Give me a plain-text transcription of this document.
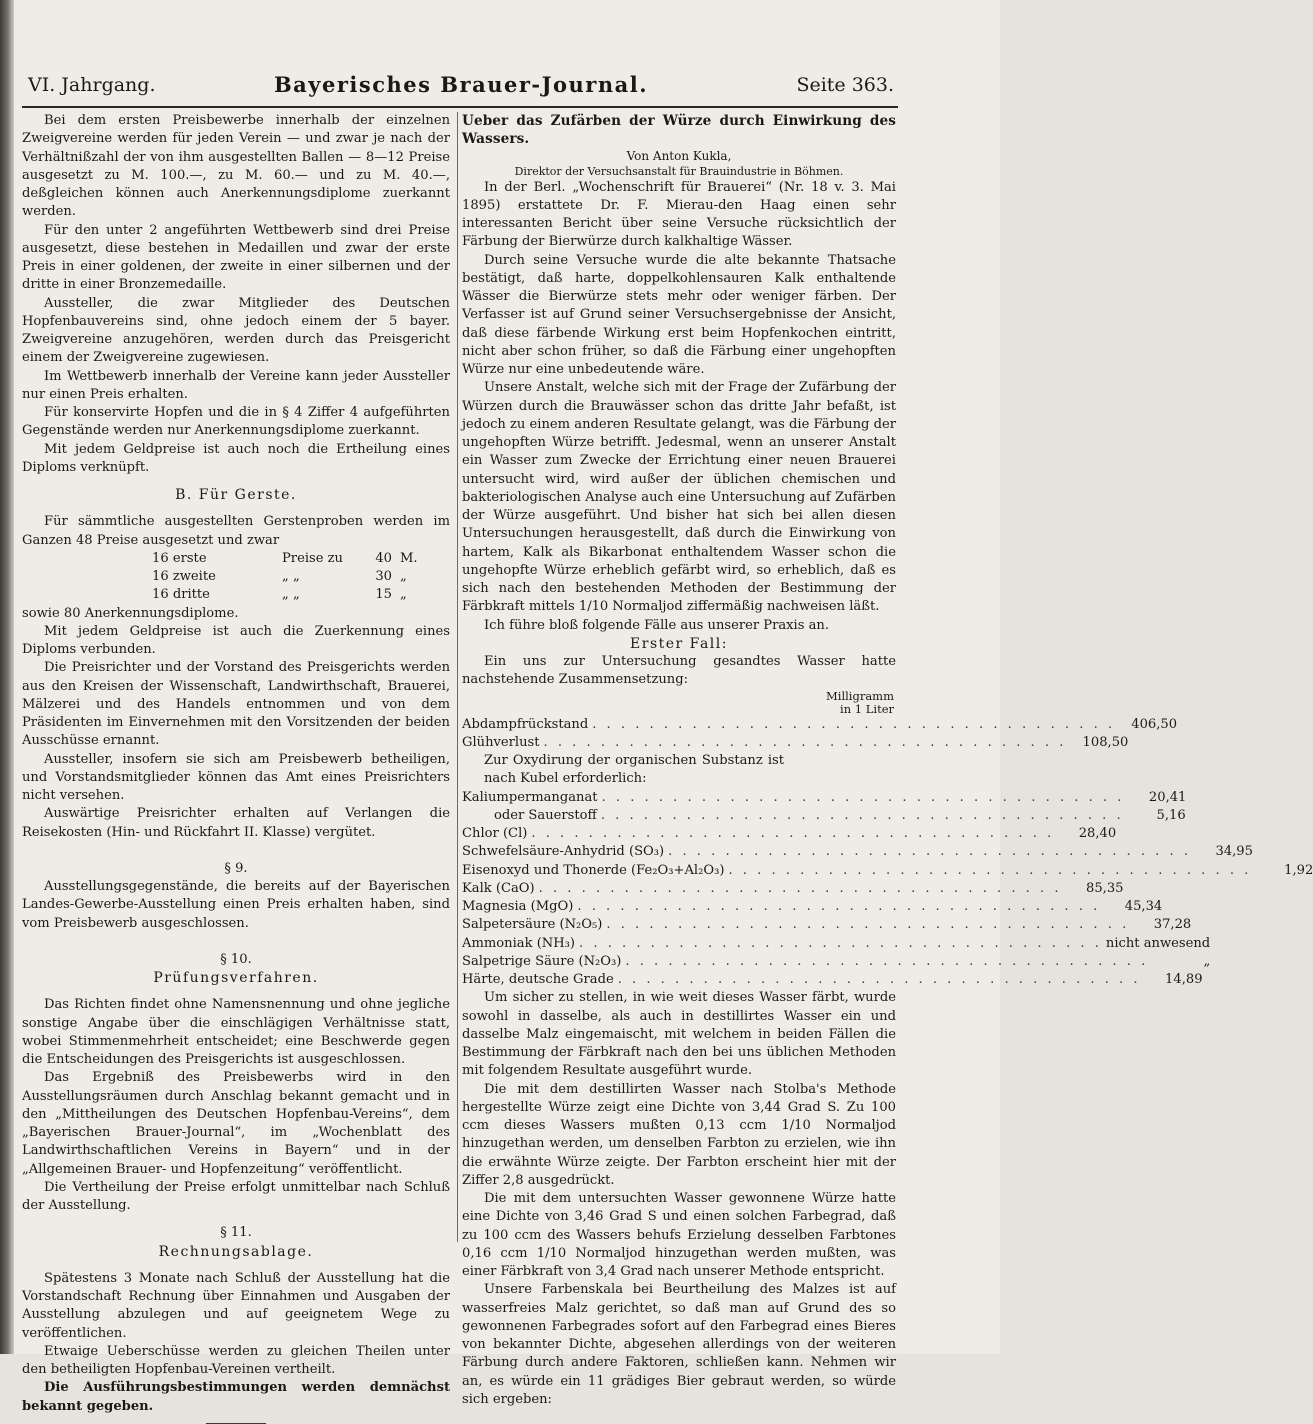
VI. Jahrgang.	Bayerisches Brauer-Journal.	Seite 363.

Bei dem ersten Preisbewerbe innerhalb der einzelnen Zweigvereine werden für jeden Verein — und zwar je nach der Verhältnißzahl der von ihm ausgestellten Ballen — 8—12 Preise ausgesetzt zu M. 100.—, zu M. 60.— und zu M. 40.—, deßgleichen können auch Anerkennungsdiplome zuerkannt werden.

Für den unter 2 angeführten Wettbewerb sind drei Preise ausgesetzt, diese bestehen in Medaillen und zwar der erste Preis in einer goldenen, der zweite in einer silbernen und der dritte in einer Bronzemedaille.

Aussteller, die zwar Mitglieder des Deutschen Hopfenbauvereins sind, ohne jedoch einem der 5 bayer. Zweigvereine anzugehören, werden durch das Preisgericht einem der Zweigvereine zugewiesen.

Im Wettbewerb innerhalb der Vereine kann jeder Aussteller nur einen Preis erhalten.

Für konservirte Hopfen und die in § 4 Ziffer 4 aufgeführten Gegenstände werden nur Anerkennungsdiplome zuerkannt.

Mit jedem Geldpreise ist auch noch die Ertheilung eines Diploms verknüpft.

B. Für Gerste.

Für sämmtliche ausgestellten Gerstenproben werden im Ganzen 48 Preise ausgesetzt und zwar

16 erste	Preise zu	40 M.
16 zweite	„ „	30 „
16 dritte	„ „	15 „

sowie 80 Anerkennungsdiplome.

Mit jedem Geldpreise ist auch die Zuerkennung eines Diploms verbunden.

Die Preisrichter und der Vorstand des Preisgerichts werden aus den Kreisen der Wissenschaft, Landwirthschaft, Brauerei, Mälzerei und des Handels entnommen und von dem Präsidenten im Einvernehmen mit den Vorsitzenden der beiden Ausschüsse ernannt.

Aussteller, insofern sie sich am Preisbewerb betheiligen, und Vorstandsmitglieder können das Amt eines Preisrichters nicht versehen.

Auswärtige Preisrichter erhalten auf Verlangen die Reisekosten (Hin- und Rückfahrt II. Klasse) vergütet.

§ 9.

Ausstellungsgegenstände, die bereits auf der Bayerischen Landes-Gewerbe-Ausstellung einen Preis erhalten haben, sind vom Preisbewerb ausgeschlossen.

§ 10.

Prüfungsverfahren.

Das Richten findet ohne Namensnennung und ohne jegliche sonstige Angabe über die einschlägigen Verhältnisse statt, wobei Stimmenmehrheit entscheidet; eine Beschwerde gegen die Entscheidungen des Preisgerichts ist ausgeschlossen.

Das Ergebniß des Preisbewerbs wird in den Ausstellungsräumen durch Anschlag bekannt gemacht und in den „Mittheilungen des Deutschen Hopfenbau-Vereins“, dem „Bayerischen Brauer-Journal“, im „Wochenblatt des Landwirthschaftlichen Vereins in Bayern“ und in der „Allgemeinen Brauer- und Hopfenzeitung“ veröffentlicht.

Die Vertheilung der Preise erfolgt unmittelbar nach Schluß der Ausstellung.

§ 11.

Rechnungsablage.

Spätestens 3 Monate nach Schluß der Ausstellung hat die Vorstandschaft Rechnung über Einnahmen und Ausgaben der Ausstellung abzulegen und auf geeignetem Wege zu veröffentlichen.

Etwaige Ueberschüsse werden zu gleichen Theilen unter den betheiligten Hopfenbau-Vereinen vertheilt.

Die Ausführungsbestimmungen werden demnächst bekannt gegeben.

Ueber das Zufärben der Würze durch Einwirkung des Wassers.

Von Anton Kukla,

Direktor der Versuchsanstalt für Brauindustrie in Böhmen.

In der Berl. „Wochenschrift für Brauerei“ (Nr. 18 v. 3. Mai 1895) erstattete Dr. F. Mierau-den Haag einen sehr interessanten Bericht über seine Versuche rücksichtlich der Färbung der Bierwürze durch kalkhaltige Wässer.

Durch seine Versuche wurde die alte bekannte Thatsache bestätigt, daß harte, doppelkohlensauren Kalk enthaltende Wässer die Bierwürze stets mehr oder weniger färben. Der Verfasser ist auf Grund seiner Versuchsergebnisse der Ansicht, daß diese färbende Wirkung erst beim Hopfenkochen eintritt, nicht aber schon früher, so daß die Färbung einer ungehopften Würze nur eine unbedeutende wäre.

Unsere Anstalt, welche sich mit der Frage der Zufärbung der Würzen durch die Brauwässer schon das dritte Jahr befaßt, ist jedoch zu einem anderen Resultate gelangt, was die Färbung der ungehopften Würze betrifft. Jedesmal, wenn an unserer Anstalt ein Wasser zum Zwecke der Errichtung einer neuen Brauerei untersucht wird, wird außer der üblichen chemischen und bakteriologischen Analyse auch eine Untersuchung auf Zufärben der Würze ausgeführt. Und bisher hat sich bei allen diesen Untersuchungen herausgestellt, daß durch die Einwirkung von hartem, Kalk als Bikarbonat enthaltendem Wasser schon die ungehopfte Würze erheblich gefärbt wird, so erheblich, daß es sich nach den bestehenden Methoden der Bestimmung der Färbkraft mittels 1/10 Normaljod ziffermäßig nachweisen läßt.

Ich führe bloß folgende Fälle aus unserer Praxis an.

Erster Fall:

Ein uns zur Untersuchung gesandtes Wasser hatte nachstehende Zusammensetzung:

Milligramm
in 1 Liter
Abdampfrückstand . . . . . . . . . . . . . . . . . . . . . . . . . . . . . . . . . . . . .	406,50
Glühverlust . . . . . . . . . . . . . . . . . . . . . . . . . . . . . . . . . . . . .	108,50

Zur Oxydirung der organischen Substanz ist nach Kubel erforderlich:

Kaliumpermanganat . . . . . . . . . . . . . . . . . . . . . . . . . . . . . . . . . . . . .	20,41
oder Sauerstoff . . . . . . . . . . . . . . . . . . . . . . . . . . . . . . . . . . . . .	5,16
Chlor (Cl) . . . . . . . . . . . . . . . . . . . . . . . . . . . . . . . . . . . . .	28,40
Schwefelsäure-Anhydrid (SO₃) . . . . . . . . . . . . . . . . . . . . . . . . . . . . . . . . . . . . .	34,95
Eisenoxyd und Thonerde (Fe₂O₃+Al₂O₃) . . . . . . . . . . . . . . . . . . . . . . . . . . . . . . . . . . . . .	1,92
Kalk (CaO) . . . . . . . . . . . . . . . . . . . . . . . . . . . . . . . . . . . . .	85,35
Magnesia (MgO) . . . . . . . . . . . . . . . . . . . . . . . . . . . . . . . . . . . . .	45,34
Salpetersäure (N₂O₅) . . . . . . . . . . . . . . . . . . . . . . . . . . . . . . . . . . . . .	37,28
Ammoniak (NH₃) . . . . . . . . . . . . . . . . . . . . . . . . . . . . . . . . . . . . . nicht anwesend
Salpetrige Säure (N₂O₃) . . . . . . . . . . . . . . . . . . . . . . . . . . . . . . . . . . . . .	„
Härte, deutsche Grade . . . . . . . . . . . . . . . . . . . . . . . . . . . . . . . . . . . . .	14,89

Um sicher zu stellen, in wie weit dieses Wasser färbt, wurde sowohl in dasselbe, als auch in destillirtes Wasser ein und dasselbe Malz eingemaischt, mit welchem in beiden Fällen die Bestimmung der Färbkraft nach den bei uns üblichen Methoden mit folgendem Resultate ausgeführt wurde.

Die mit dem destillirten Wasser nach Stolba's Methode hergestellte Würze zeigt eine Dichte von 3,44 Grad S. Zu 100 ccm dieses Wassers mußten 0,13 ccm 1/10 Normaljod hinzugethan werden, um denselben Farbton zu erzielen, wie ihn die erwähnte Würze zeigte. Der Farbton erscheint hier mit der Ziffer 2,8 ausgedrückt.

Die mit dem untersuchten Wasser gewonnene Würze hatte eine Dichte von 3,46 Grad S und einen solchen Farbegrad, daß zu 100 ccm des Wassers behufs Erzielung desselben Farbtones 0,16 ccm 1/10 Normaljod hinzugethan werden mußten, was einer Färbkraft von 3,4 Grad nach unserer Methode entspricht.

Unsere Farbenskala bei Beurtheilung des Malzes ist auf wasserfreies Malz gerichtet, so daß man auf Grund des so gewonnenen Farbegrades sofort auf den Farbegrad eines Bieres von bekannter Dichte, abgesehen allerdings von der weiteren Färbung durch andere Faktoren, schließen kann. Nehmen wir an, es würde ein 11 grädiges Bier gebraut werden, so würde sich ergeben:
